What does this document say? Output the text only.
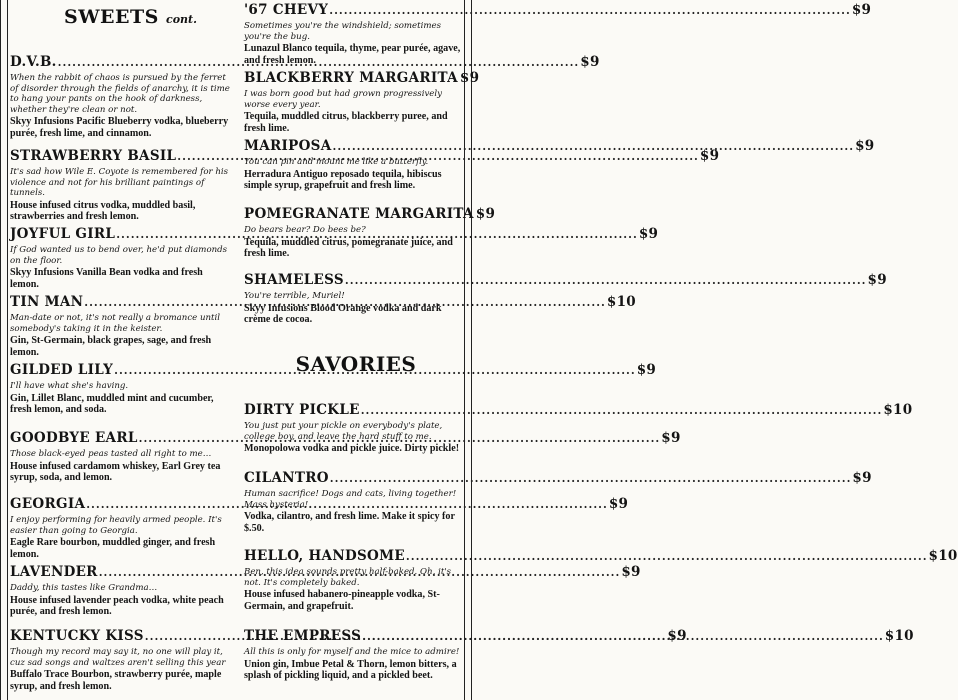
SWEETS cont.
D.V.B. .....	$9
When the rabbit of chaos is pursued by the ferret of disorder through the fields of anarchy, it is time to hang your pants on the hook of darkness, whether they're clean or not.
Skyy Infusions Pacific Blueberry vodka, blueberry purée, fresh lime, and cinnamon.
STRAWBERRY BASIL .....	$9
It's sad how Wile E. Coyote is remembered for his violence and not for his brilliant paintings of tunnels.
House infused citrus vodka, muddled basil, strawberries and fresh lemon.
JOYFUL GIRL .....	$9
If God wanted us to bend over, he'd put diamonds on the floor.
Skyy Infusions Vanilla Bean vodka and fresh lemon.
TIN MAN .....	$10
Man-date or not, it's not really a bromance until somebody's taking it in the keister.
Gin, St-Germain, black grapes, sage, and fresh lemon.
GILDED LILY .....	$9
I'll have what she's having.
Gin, Lillet Blanc, muddled mint and cucumber, fresh lemon, and soda.
GOODBYE EARL .....	$9
Those black-eyed peas tasted all right to me…
House infused cardamom whiskey, Earl Grey tea syrup, soda, and lemon.
GEORGIA .....	$9
I enjoy performing for heavily armed people. It's easier than going to Georgia.
Eagle Rare bourbon, muddled ginger, and fresh lemon.
LAVENDER .....	$9
Daddy, this tastes like Grandma…
House infused lavender peach vodka, white peach purée, and fresh lemon.
KENTUCKY KISS .....	$9
Though my record may say it, no one will play it, cuz sad songs and waltzes aren't selling this year
Buffalo Trace Bourbon, strawberry purée, maple syrup, and fresh lemon.
'67 CHEVY .....	$9
Sometimes you're the windshield; sometimes you're the bug.
Lunazul Blanco tequila, thyme, pear purée, agave, and fresh lemon.
BLACKBERRY MARGARITA $9
I was born good but had grown progressively worse every year.
Tequila, muddled citrus, blackberry puree, and fresh lime.
MARIPOSA .....	$9
You can pin and mount me like a butterfly.
Herradura Antiguo reposado tequila, hibiscus simple syrup, grapefruit and fresh lime.
POMEGRANATE MARGARITA $9
Do bears bear? Do bees be?
Tequila, muddled citrus, pomegranate juice, and fresh lime.
SHAMELESS .....	$9
You're terrible, Muriel!
Skyy Infusions Blood Orange vodka and dark crème de cocoa.
SAVORIES
DIRTY PICKLE .....	$10
You just put your pickle on everybody's plate, college boy, and leave the hard stuff to me.
Monopolowa vodka and pickle juice. Dirty pickle!
CILANTRO .....	$9
Human sacrifice! Dogs and cats, living together! Mass hysteria!
Vodka, cilantro, and fresh lime. Make it spicy for $.50.
HELLO, HANDSOME .....	$10
Ben, this idea sounds pretty half-baked. Oh, it's not. It's completely baked.
House infused habanero-pineapple vodka, St-Germain, and grapefruit.
THE EMPRESS .....	$10
All this is only for myself and the mice to admire!
Union gin, Imbue Petal & Thorn, lemon bitters, a splash of pickling liquid, and a pickled beet.
